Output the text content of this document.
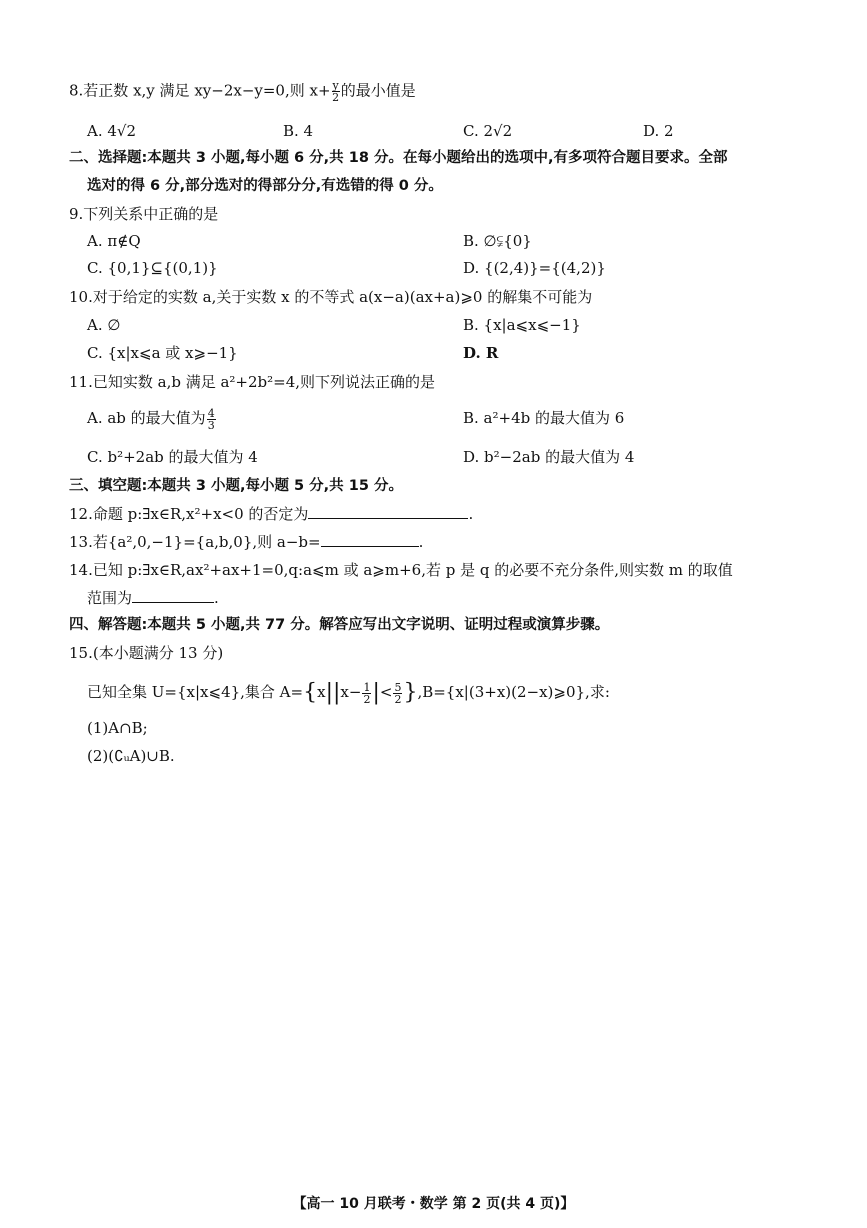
8.若正数 x,y 满足 xy−2x−y=0,则 $x+ \frac{y}{2}$ 的最小值是
A. 4√2	B. 4	C. 2√2	D. 2
二、选择题:本题共 3 小题,每小题 6 分,共 18 分。在每小题给出的选项中,有多项符合题目要求。全部
选对的得 6 分,部分选对的得部分分,有选错的得 0 分。
9.下列关系中正确的是
A. π∉Q	B. ∅⫋{0}
C. {0,1}⊆{(0,1)}	D. {(2,4)}={(4,2)}
10.对于给定的实数 a,关于实数 x 的不等式 a(x−a)(ax+a)⩾0 的解集不可能为
A. ∅	B. {x|a⩽x⩽−1}
C. {x|x⩽a 或 x⩾−1}	D. R
11.已知实数 a,b 满足 a²+2b²=4,则下列说法正确的是
A. ab 的最大值为 $\frac{4}{3}$	B. a²+4b 的最大值为 6
C. b²+2ab 的最大值为 4	D. b²−2ab 的最大值为 4
三、填空题:本题共 3 小题,每小题 5 分,共 15 分。
12.命题 p:∃x∈R,x²+x<0 的否定为	.
13.若{a²,0,−1}={a,b,0},则 a−b=	.
14.已知 p:∃x∈R,ax²+ax+1=0,q:a⩽m 或 a⩾m+6,若 p 是 q 的必要不充分条件,则实数 m 的取值
范围为	.
四、解答题:本题共 5 小题,共 77 分。解答应写出文字说明、证明过程或演算步骤。
15.(本小题满分 13 分)
已知全集 U={x|x⩽4},集合 $A=\{x||x- \frac{1}{2}$ |< $\frac{5}{2}$ },B={x|(3+x)(2−x)⩾0},求:
(1)A∩B;
(2)(∁ᵤA)∪B.
【高一 10 月联考・数学 第 2 页(共 4 页)】
